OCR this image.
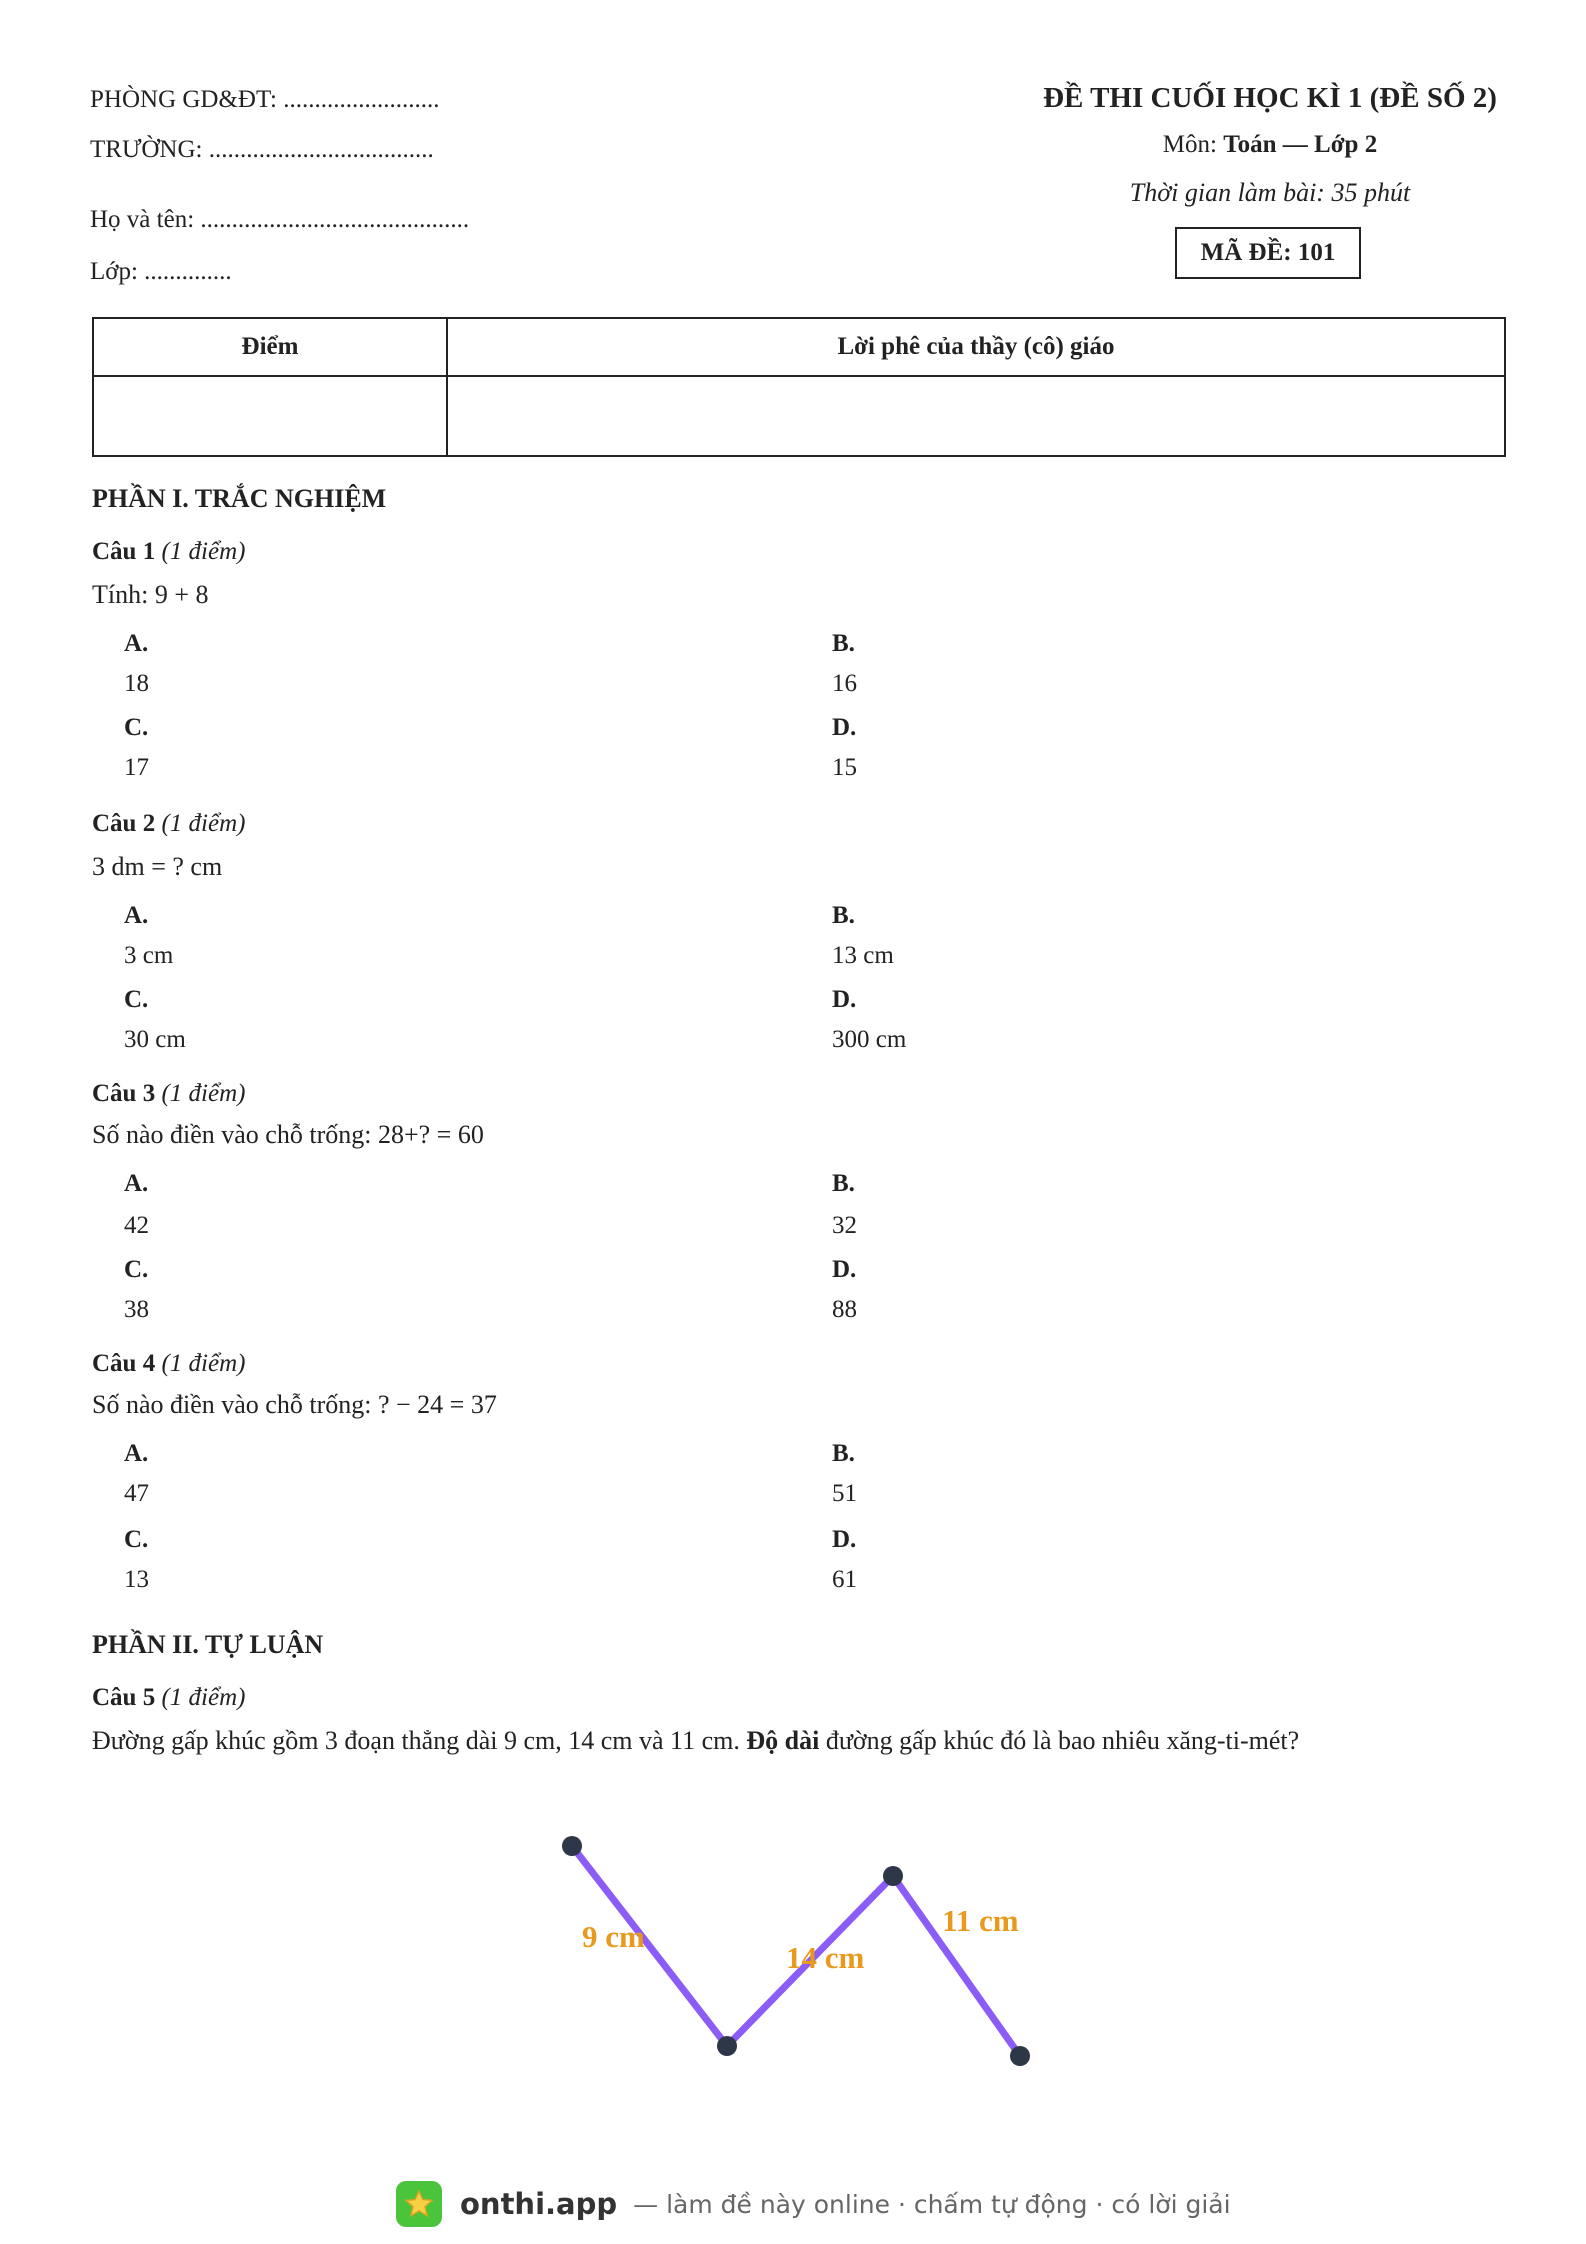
PHÒNG GD&ĐT: .........................
TRƯỜNG: ....................................
Họ và tên: ...........................................
Lớp: ..............
ĐỀ THI CUỐI HỌC KÌ 1 (ĐỀ SỐ 2)
Môn: Toán — Lớp 2
Thời gian làm bài: 35 phút
MÃ ĐỀ: 101
Điểm	Lời phê của thầy (cô) giáo

PHẦN I. TRẮC NGHIỆM
Câu 1 (1 điểm)
Tính: 9 + 8
A.
18
B.
16
C.
17
D.
15
Câu 2 (1 điểm)
3 dm = ? cm
A.
3 cm
B.
13 cm
C.
30 cm
D.
300 cm
Câu 3 (1 điểm)
Số nào điền vào chỗ trống: 28+? = 60
A.
42
B.
32
C.
38
D.
88
Câu 4 (1 điểm)
Số nào điền vào chỗ trống: ? − 24 = 37
A.
47
B.
51
C.
13
D.
61
PHẦN II. TỰ LUẬN
Câu 5 (1 điểm)
Đường gấp khúc gồm 3 đoạn thẳng dài 9 cm, 14 cm và 11 cm. Độ dài đường gấp khúc đó là bao nhiêu xăng-ti-mét?
9 cm
14 cm
11 cm
onthi.app — làm đề này online · chấm tự động · có lời giải
